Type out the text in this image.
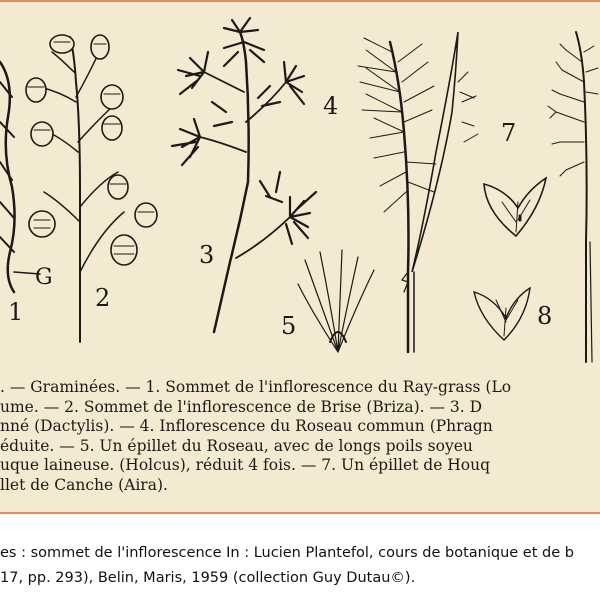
G
1	2
3
4
5
7
8
. — Graminées. — 1. Sommet de l'inflorescence du Ray-grass (Lo
ume. — 2. Sommet de l'inflorescence de Brise (Briza). — 3. D
nné (Dactylis). — 4. Inflorescence du Roseau commun (Phragn
éduite. — 5. Un épillet du Roseau, avec de longs poils soyeu
uque laineuse. (Holcus), réduit 4 fois. — 7. Un épillet de Houq
llet de Canche (Aira).
es : sommet de l'inflorescence In : Lucien Plantefol, cours de botanique et de b
17, pp. 293), Belin, Maris, 1959 (collection Guy Dutau©).
